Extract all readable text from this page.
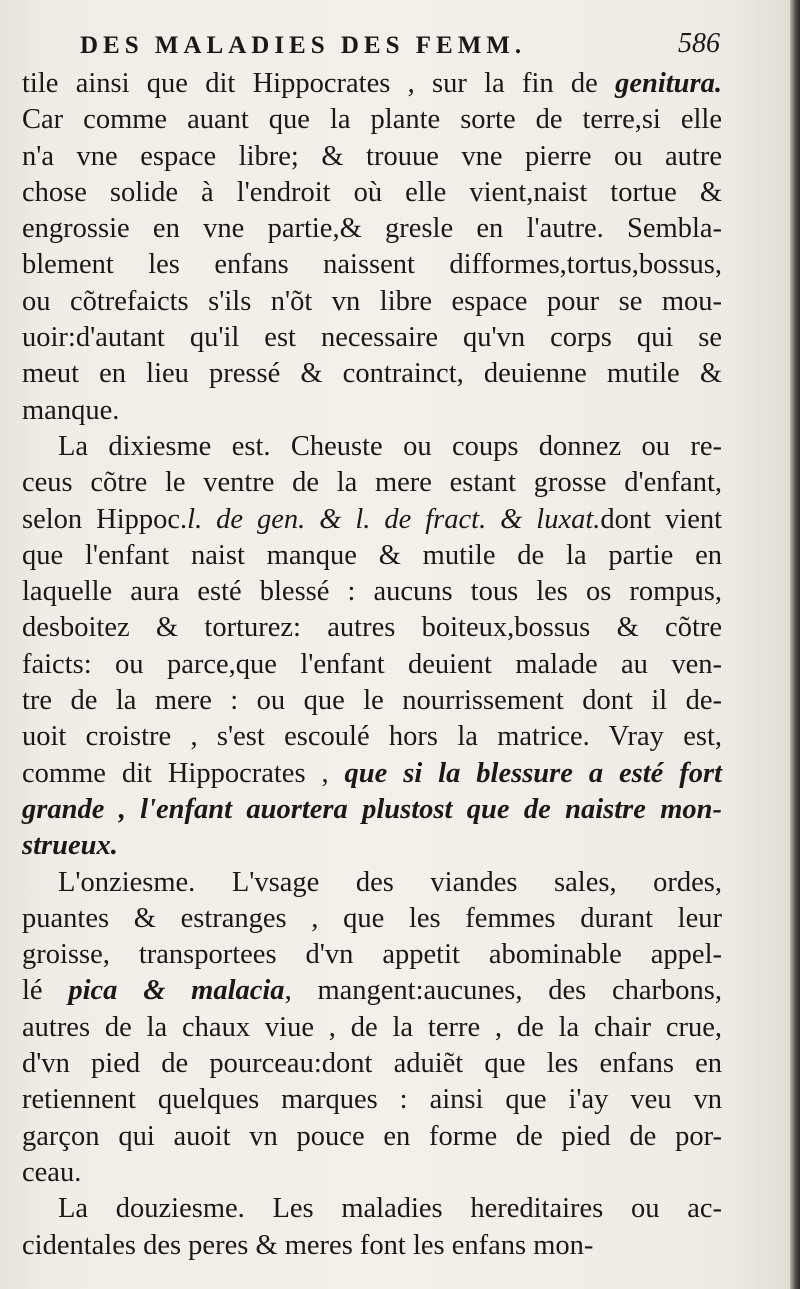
DES MALADIES DES FEMM.	586
tile ainsi que dit Hippocrates , sur la fin de genitura.
Car comme auant que la plante sorte de terre,si elle
n'a vne espace libre; & trouue vne pierre ou autre
chose solide à l'endroit où elle vient,naist tortue &
engrossie en vne partie,& gresle en l'autre. Sembla-
blement les enfans naissent difformes,tortus,bossus,
ou cõtrefaicts s'ils n'õt vn libre espace pour se mou-
uoir:d'autant qu'il est necessaire qu'vn corps qui se
meut en lieu pressé & contrainct, deuienne mutile &
manque.
La dixiesme est. Cheuste ou coups donnez ou re-
ceus cõtre le ventre de la mere estant grosse d'enfant,
selon Hippoc.l. de gen. & l. de fract. & luxat.dont vient
que l'enfant naist manque & mutile de la partie en
laquelle aura esté blessé : aucuns tous les os rompus,
desboitez & torturez: autres boiteux,bossus & cõtre
faicts: ou parce,que l'enfant deuient malade au ven-
tre de la mere : ou que le nourrissement dont il de-
uoit croistre , s'est escoulé hors la matrice. Vray est,
comme dit Hippocrates , que si la blessure a esté fort
grande , l'enfant auortera plustost que de naistre mon-
strueux.
L'onziesme. L'vsage des viandes sales, ordes,
puantes & estranges , que les femmes durant leur
groisse, transportees d'vn appetit abominable appel-
lé pica & malacia, mangent:aucunes, des charbons,
autres de la chaux viue , de la terre , de la chair crue,
d'vn pied de pourceau:dont aduiẽt que les enfans en
retiennent quelques marques : ainsi que i'ay veu vn
garçon qui auoit vn pouce en forme de pied de por-
ceau.
La douziesme. Les maladies hereditaires ou ac-
cidentales des peres & meres font les enfans mon-
